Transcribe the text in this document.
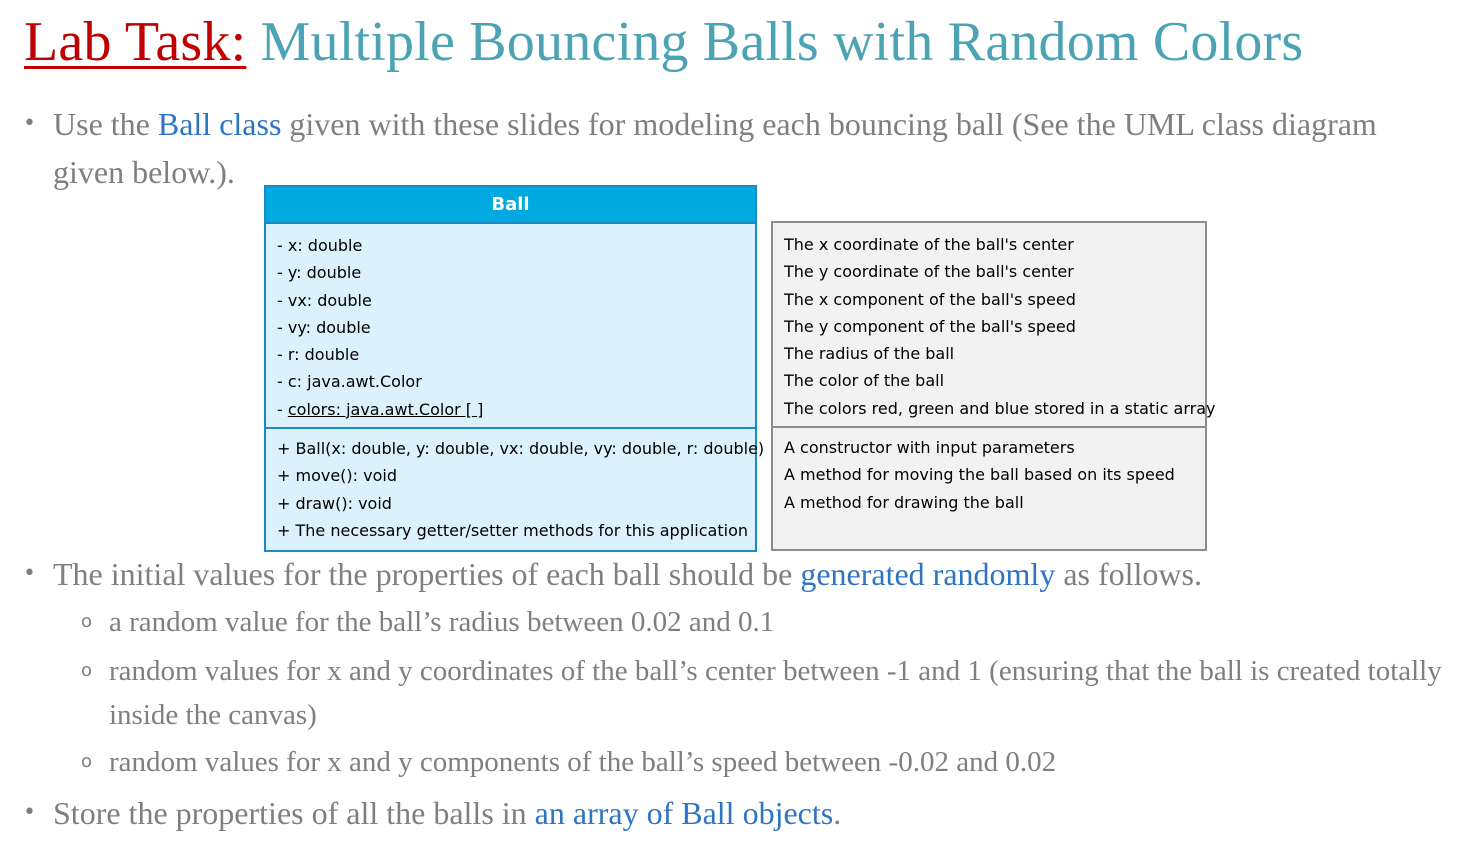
Lab Task: Multiple Bouncing Balls with Random Colors
• Use the Ball class given with these slides for modeling each bouncing ball (See the UML class diagram given below.).
Ball
- x: double
- y: double
- vx: double
- vy: double
- r: double
- c: java.awt.Color
- colors: java.awt.Color [ ]
+ Ball(x: double, y: double, vx: double, vy: double, r: double)
+ move(): void
+ draw(): void
+ The necessary getter/setter methods for this application
The x coordinate of the ball's center
The y coordinate of the ball's center
The x component of the ball's speed
The y component of the ball's speed
The radius of the ball
The color of the ball
The colors red, green and blue stored in a static array
A constructor with input parameters
A method for moving the ball based on its speed
A method for drawing the ball
• The initial values for the properties of each ball should be generated randomly as follows.
o a random value for the ball’s radius between 0.02 and 0.1
o random values for x and y coordinates of the ball’s center between -1 and 1 (ensuring that the ball is created totally inside the canvas)
o random values for x and y components of the ball’s speed between -0.02 and 0.02
• Store the properties of all the balls in an array of Ball objects.
